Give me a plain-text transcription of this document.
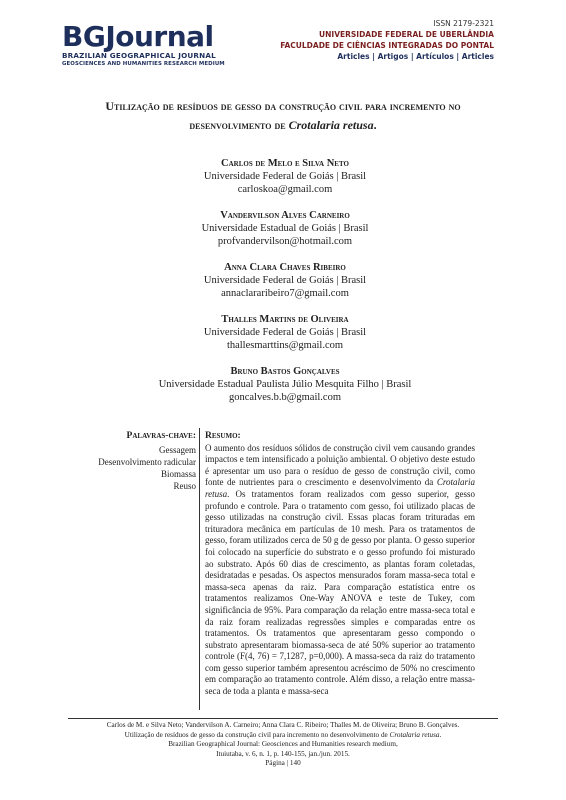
BGJournal
BRAZILIAN GEOGRAPHICAL JOURNAL
GEOSCIENCES AND HUMANITIES RESEARCH MEDIUM
ISSN 2179-2321
UNIVERSIDADE FEDERAL DE UBERLÂNDIA
FACULDADE DE CIÊNCIAS INTEGRADAS DO PONTAL
Articles | Artigos | Artículos | Articles
Utilização de resíduos de gesso da construção civil para incremento no desenvolvimento de Crotalaria retusa.
Carlos de Melo e Silva Neto
Universidade Federal de Goiás | Brasil
carloskoa@gmail.com
Vandervilson Alves Carneiro
Universidade Estadual de Goiás | Brasil
profvandervilson@hotmail.com
Anna Clara Chaves Ribeiro
Universidade Federal de Goiás | Brasil
annaclararibeiro7@gmail.com
Thalles Martins de Oliveira
Universidade Federal de Goiás | Brasil
thallesmarttins@gmail.com
Bruno Bastos Gonçalves
Universidade Estadual Paulista Júlio Mesquita Filho | Brasil
goncalves.b.b@gmail.com
Palavras-chave:
Gessagem
Desenvolvimento radicular
Biomassa
Reuso
Resumo:
O aumento dos resíduos sólidos de construção civil vem causando grandes impactos e tem intensificado a poluição ambiental. O objetivo deste estudo é apresentar um uso para o resíduo de gesso de construção civil, como fonte de nutrientes para o crescimento e desenvolvimento da Crotalaria retusa. Os tratamentos foram realizados com gesso superior, gesso profundo e controle. Para o tratamento com gesso, foi utilizado placas de gesso utilizadas na construção civil. Essas placas foram trituradas em trituradora mecânica em partículas de 10 mesh. Para os tratamentos de gesso, foram utilizados cerca de 50 g de gesso por planta. O gesso superior foi colocado na superfície do substrato e o gesso profundo foi misturado ao substrato. Após 60 dias de crescimento, as plantas foram coletadas, desidratadas e pesadas. Os aspectos mensurados foram massa-seca total e massa-seca apenas da raiz. Para comparação estatística entre os tratamentos realizamos One-Way ANOVA e teste de Tukey, com significância de 95%. Para comparação da relação entre massa-seca total e da raiz foram realizadas regressões simples e comparadas entre os tratamentos. Os tratamentos que apresentaram gesso compondo o substrato apresentaram biomassa-seca de até 50% superior ao tratamento controle (F(4, 76) = 7,1287, p=0,000). A massa-seca da raiz do tratamento com gesso superior também apresentou acréscimo de 50% no crescimento em comparação ao tratamento controle. Além disso, a relação entre massa-seca de toda a planta e massa-seca
Carlos de M. e Silva Neto; Vandervilson A. Carneiro; Anna Clara C. Ribeiro; Thalles M. de Oliveira; Bruno B. Gonçalves.
Utilização de resíduos de gesso da construção civil para incremento no desenvolvimento de Crotalaria retusa.
Brazilian Geographical Journal: Geosciences and Humanities research medium,
Ituiutaba, v. 6, n. 1, p. 140-155, jan./jun. 2015.
Página | 140
